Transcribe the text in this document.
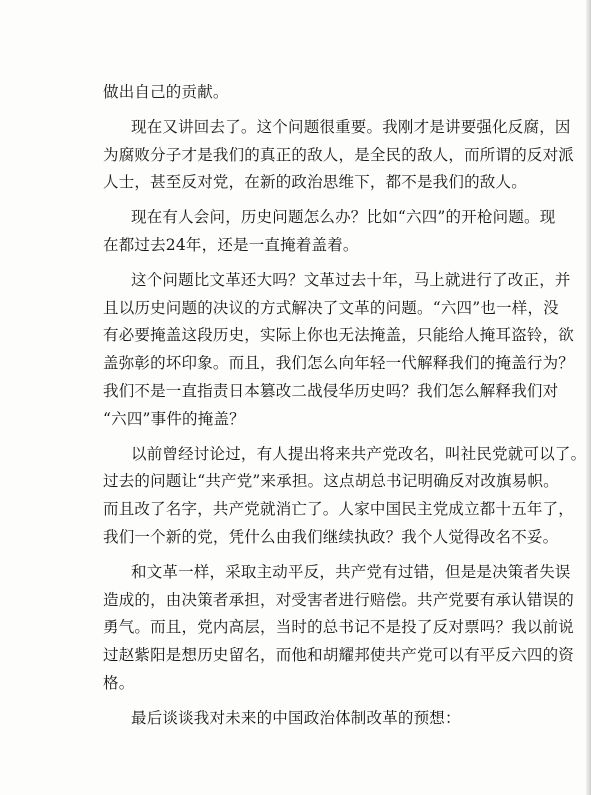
做出自己的贡献。
现在又讲回去了。这个问题很重要。我刚才是讲要强化反腐，因
为腐败分子才是我们的真正的敌人，是全民的敌人，而所谓的反对派
人士，甚至反对党，在新的政治思维下，都不是我们的敌人。
现在有人会问，历史问题怎么办？比如“六四”的开枪问题。现
在都过去24年，还是一直掩着盖着。
这个问题比文革还大吗？文革过去十年，马上就进行了改正，并
且以历史问题的决议的方式解决了文革的问题。“六四”也一样，没
有必要掩盖这段历史，实际上你也无法掩盖，只能给人掩耳盗铃，欲
盖弥彰的坏印象。而且，我们怎么向年轻一代解释我们的掩盖行为？
我们不是一直指责日本篡改二战侵华历史吗？我们怎么解释我们对
“六四”事件的掩盖？
以前曾经讨论过，有人提出将来共产党改名，叫社民党就可以了。
过去的问题让“共产党”来承担。这点胡总书记明确反对改旗易帜。
而且改了名字，共产党就消亡了。人家中国民主党成立都十五年了，
我们一个新的党，凭什么由我们继续执政？我个人觉得改名不妥。
和文革一样，采取主动平反，共产党有过错，但是是决策者失误
造成的，由决策者承担，对受害者进行赔偿。共产党要有承认错误的
勇气。而且，党内高层，当时的总书记不是投了反对票吗？我以前说
过赵紫阳是想历史留名，而他和胡耀邦使共产党可以有平反六四的资
格。
最后谈谈我对未来的中国政治体制改革的预想：
